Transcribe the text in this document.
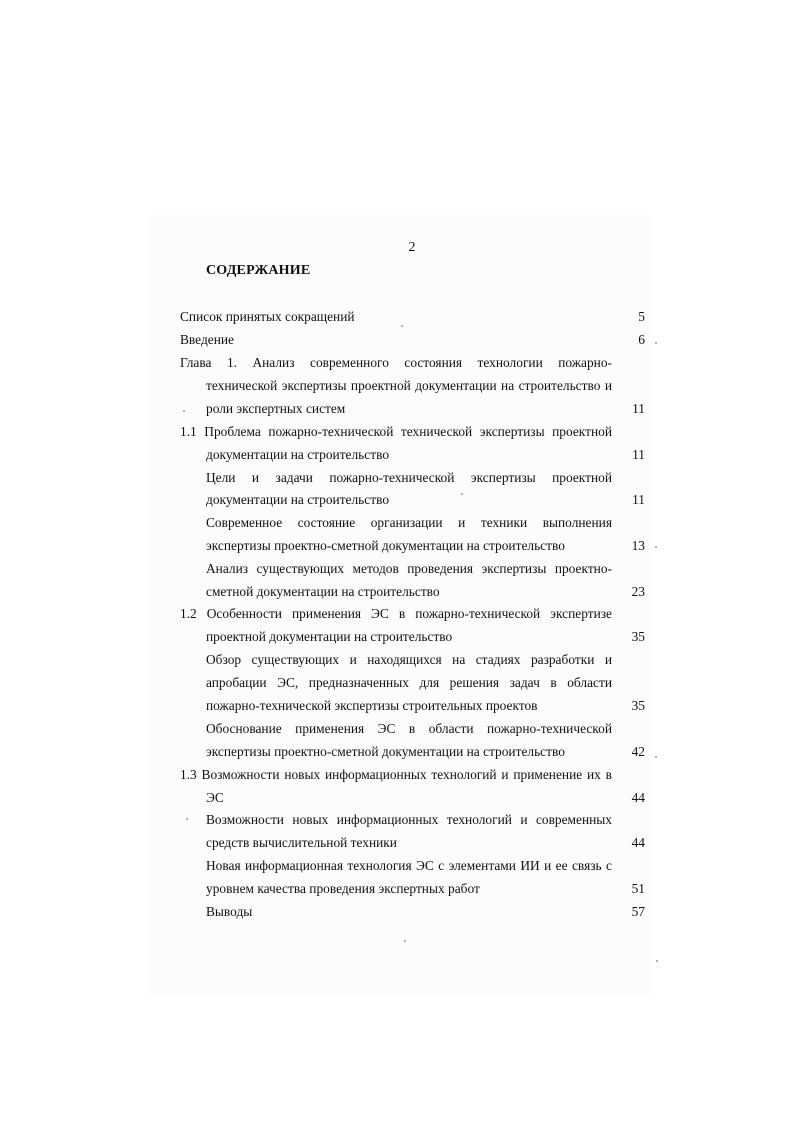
2
СОДЕРЖАНИЕ
Список принятых сокращений	5
Введение	6
Глава 1. Анализ современного состояния технологии пожарно-
технической экспертизы проектной документации на строительство и
роли экспертных систем	11
1.1 Проблема пожарно-технической технической экспертизы проектной
документации на строительство	11
Цели и задачи пожарно-технической экспертизы проектной
документации на строительство	11
Современное состояние организации и техники выполнения
экспертизы проектно-сметной документации на строительство	13
Анализ существующих методов проведения экспертизы проектно-
сметной документации на строительство	23
1.2 Особенности применения ЭС в пожарно-технической экспертизе
проектной документации на строительство	35
Обзор существующих и находящихся на стадиях разработки и
апробации ЭС, предназначенных для решения задач в области
пожарно-технической экспертизы строительных проектов	35
Обоснование применения ЭС в области пожарно-технической
экспертизы проектно-сметной документации на строительство	42
1.3 Возможности новых информационных технологий и применение их в
ЭС	44
Возможности новых информационных технологий и современных
средств вычислительной техники	44
Новая информационная технология ЭС с элементами ИИ и ее связь с
уровнем качества проведения экспертных работ	51
Выводы	57
